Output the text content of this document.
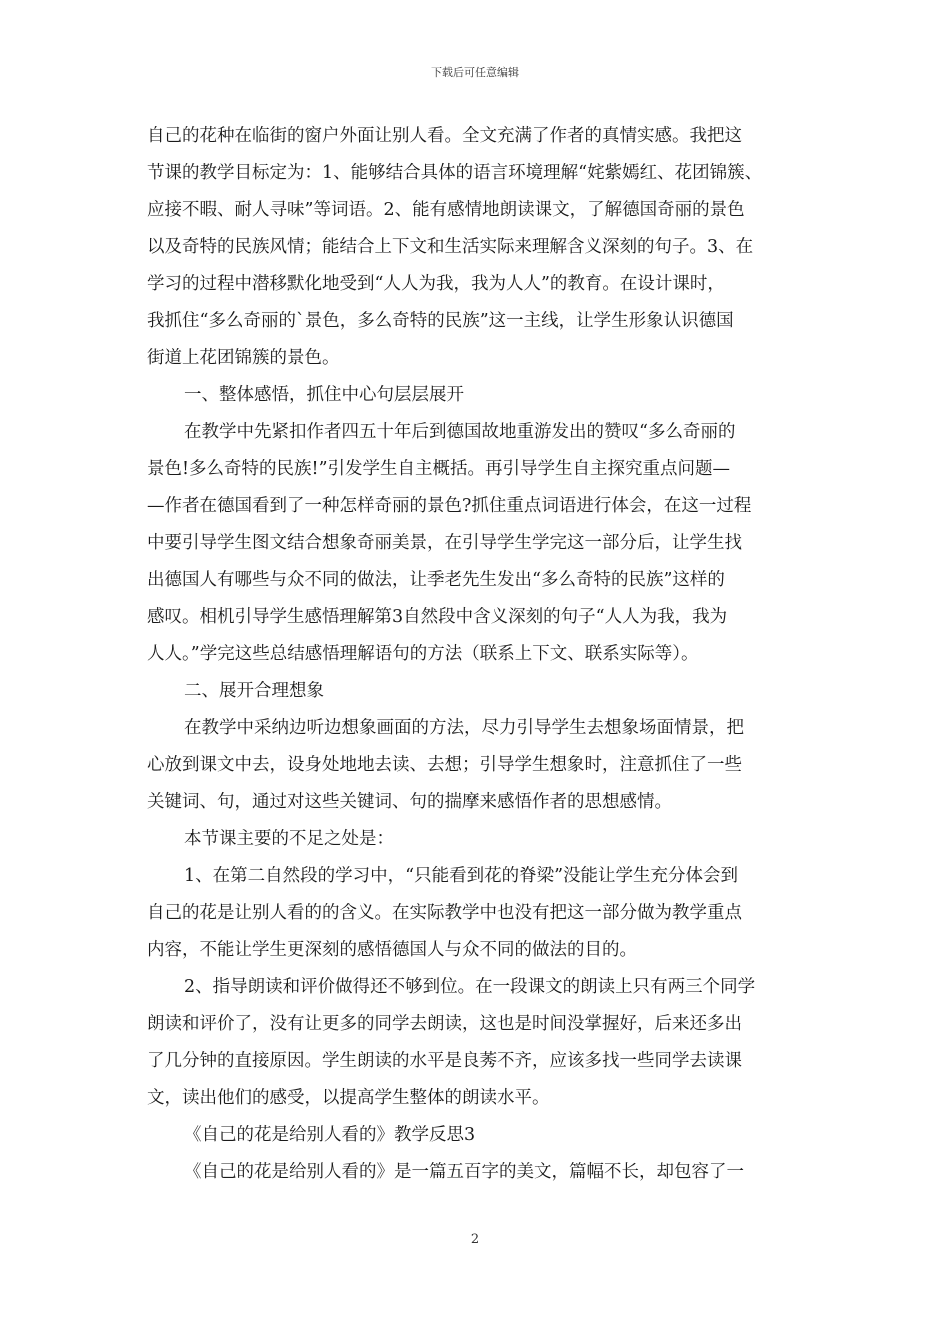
下载后可任意编辑
自己的花种在临街的窗户外面让别人看。全文充满了作者的真情实感。我把这
节课的教学目标定为：1、能够结合具体的语言环境理解“姹紫嫣红、花团锦簇、
应接不暇、耐人寻味”等词语。2、能有感情地朗读课文，了解德国奇丽的景色
以及奇特的民族风情；能结合上下文和生活实际来理解含义深刻的句子。3、在
学习的过程中潜移默化地受到“人人为我，我为人人”的教育。在设计课时，
我抓住“多么奇丽的`景色，多么奇特的民族”这一主线，让学生形象认识德国
街道上花团锦簇的景色。
一、整体感悟，抓住中心句层层展开
在教学中先紧扣作者四五十年后到德国故地重游发出的赞叹“多么奇丽的
景色!多么奇特的民族!”引发学生自主概括。再引导学生自主探究重点问题—
—作者在德国看到了一种怎样奇丽的景色?抓住重点词语进行体会，在这一过程
中要引导学生图文结合想象奇丽美景，在引导学生学完这一部分后，让学生找
出德国人有哪些与众不同的做法，让季老先生发出“多么奇特的民族”这样的
感叹。相机引导学生感悟理解第3自然段中含义深刻的句子“人人为我，我为
人人。”学完这些总结感悟理解语句的方法（联系上下文、联系实际等）。
二、展开合理想象
在教学中采纳边听边想象画面的方法，尽力引导学生去想象场面情景，把
心放到课文中去，设身处地地去读、去想；引导学生想象时，注意抓住了一些
关键词、句，通过对这些关键词、句的揣摩来感悟作者的思想感情。
本节课主要的不足之处是：
1、在第二自然段的学习中，“只能看到花的脊梁”没能让学生充分体会到
自己的花是让别人看的的含义。在实际教学中也没有把这一部分做为教学重点
内容，不能让学生更深刻的感悟德国人与众不同的做法的目的。
2、指导朗读和评价做得还不够到位。在一段课文的朗读上只有两三个同学
朗读和评价了，没有让更多的同学去朗读，这也是时间没掌握好，后来还多出
了几分钟的直接原因。学生朗读的水平是良莠不齐，应该多找一些同学去读课
文，读出他们的感受，以提高学生整体的朗读水平。
《自己的花是给别人看的》教学反思3
《自己的花是给别人看的》是一篇五百字的美文，篇幅不长，却包容了一
2
